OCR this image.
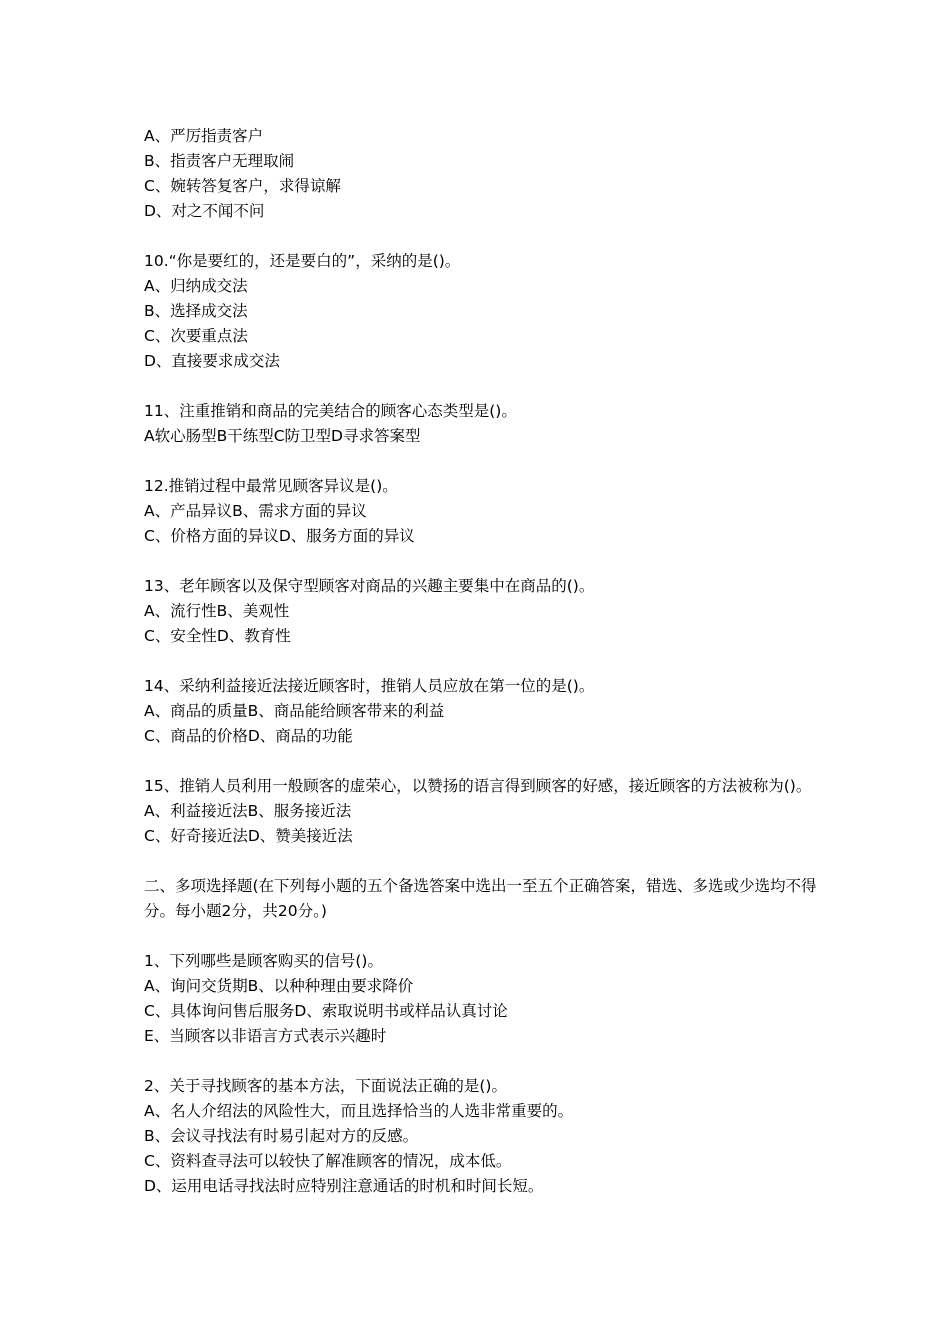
A、严厉指责客户
B、指责客户无理取闹
C、婉转答复客户，求得谅解
D、对之不闻不问
10.“你是要红的，还是要白的”，采纳的是()。
A、归纳成交法
B、选择成交法
C、次要重点法
D、直接要求成交法
11、注重推销和商品的完美结合的顾客心态类型是()。
A软心肠型B干练型C防卫型D寻求答案型
12.推销过程中最常见顾客异议是()。
A、产品异议B、需求方面的异议
C、价格方面的异议D、服务方面的异议
13、老年顾客以及保守型顾客对商品的兴趣主要集中在商品的()。
A、流行性B、美观性
C、安全性D、教育性
14、采纳利益接近法接近顾客时，推销人员应放在第一位的是()。
A、商品的质量B、商品能给顾客带来的利益
C、商品的价格D、商品的功能
15、推销人员利用一般顾客的虚荣心，以赞扬的语言得到顾客的好感，接近顾客的方法被称为()。
A、利益接近法B、服务接近法
C、好奇接近法D、赞美接近法
二、多项选择题(在下列每小题的五个备选答案中选出一至五个正确答案，错选、多选或少选均不得分。每小题2分，共20分。)
1、下列哪些是顾客购买的信号()。
A、询问交货期B、以种种理由要求降价
C、具体询问售后服务D、索取说明书或样品认真讨论
E、当顾客以非语言方式表示兴趣时
2、关于寻找顾客的基本方法，下面说法正确的是()。
A、名人介绍法的风险性大，而且选择恰当的人选非常重要的。
B、会议寻找法有时易引起对方的反感。
C、资料查寻法可以较快了解准顾客的情况，成本低。
D、运用电话寻找法时应特别注意通话的时机和时间长短。
